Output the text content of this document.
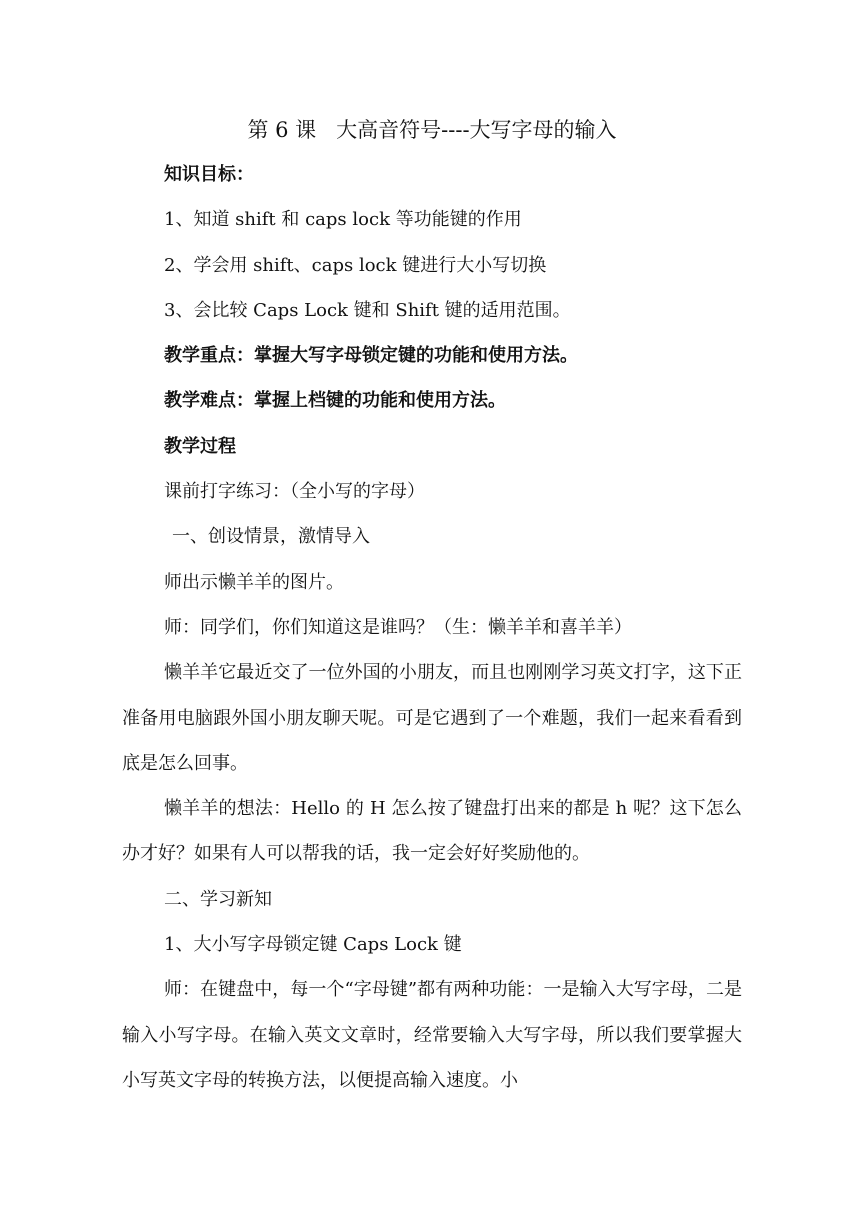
第 6 课   大高音符号----大写字母的输入
知识目标：
1、知道 shift 和 caps lock 等功能键的作用
2、学会用 shift、caps lock 键进行大小写切换
3、会比较 Caps Lock 键和 Shift 键的适用范围。
教学重点：掌握大写字母锁定键的功能和使用方法。
教学难点：掌握上档键的功能和使用方法。
教学过程
课前打字练习：（全小写的字母）
一、创设情景，激情导入
师出示懒羊羊的图片。
师：同学们，你们知道这是谁吗？（生：懒羊羊和喜羊羊）

懒羊羊它最近交了一位外国的小朋友，而且也刚刚学习英文打字，这下正准备用电脑跟外国小朋友聊天呢。可是它遇到了一个难题，我们一起来看看到底是怎么回事。

懒羊羊的想法：Hello 的 H 怎么按了键盘打出来的都是 h 呢？这下怎么办才好？如果有人可以帮我的话，我一定会好好奖励他的。

二、学习新知
1、大小写字母锁定键 Caps Lock 键

师：在键盘中，每一个“字母键”都有两种功能：一是输入大写字母，二是输入小写字母。在输入英文文章时，经常要输入大写字母，所以我们要掌握大小写英文字母的转换方法，以便提高输入速度。小
